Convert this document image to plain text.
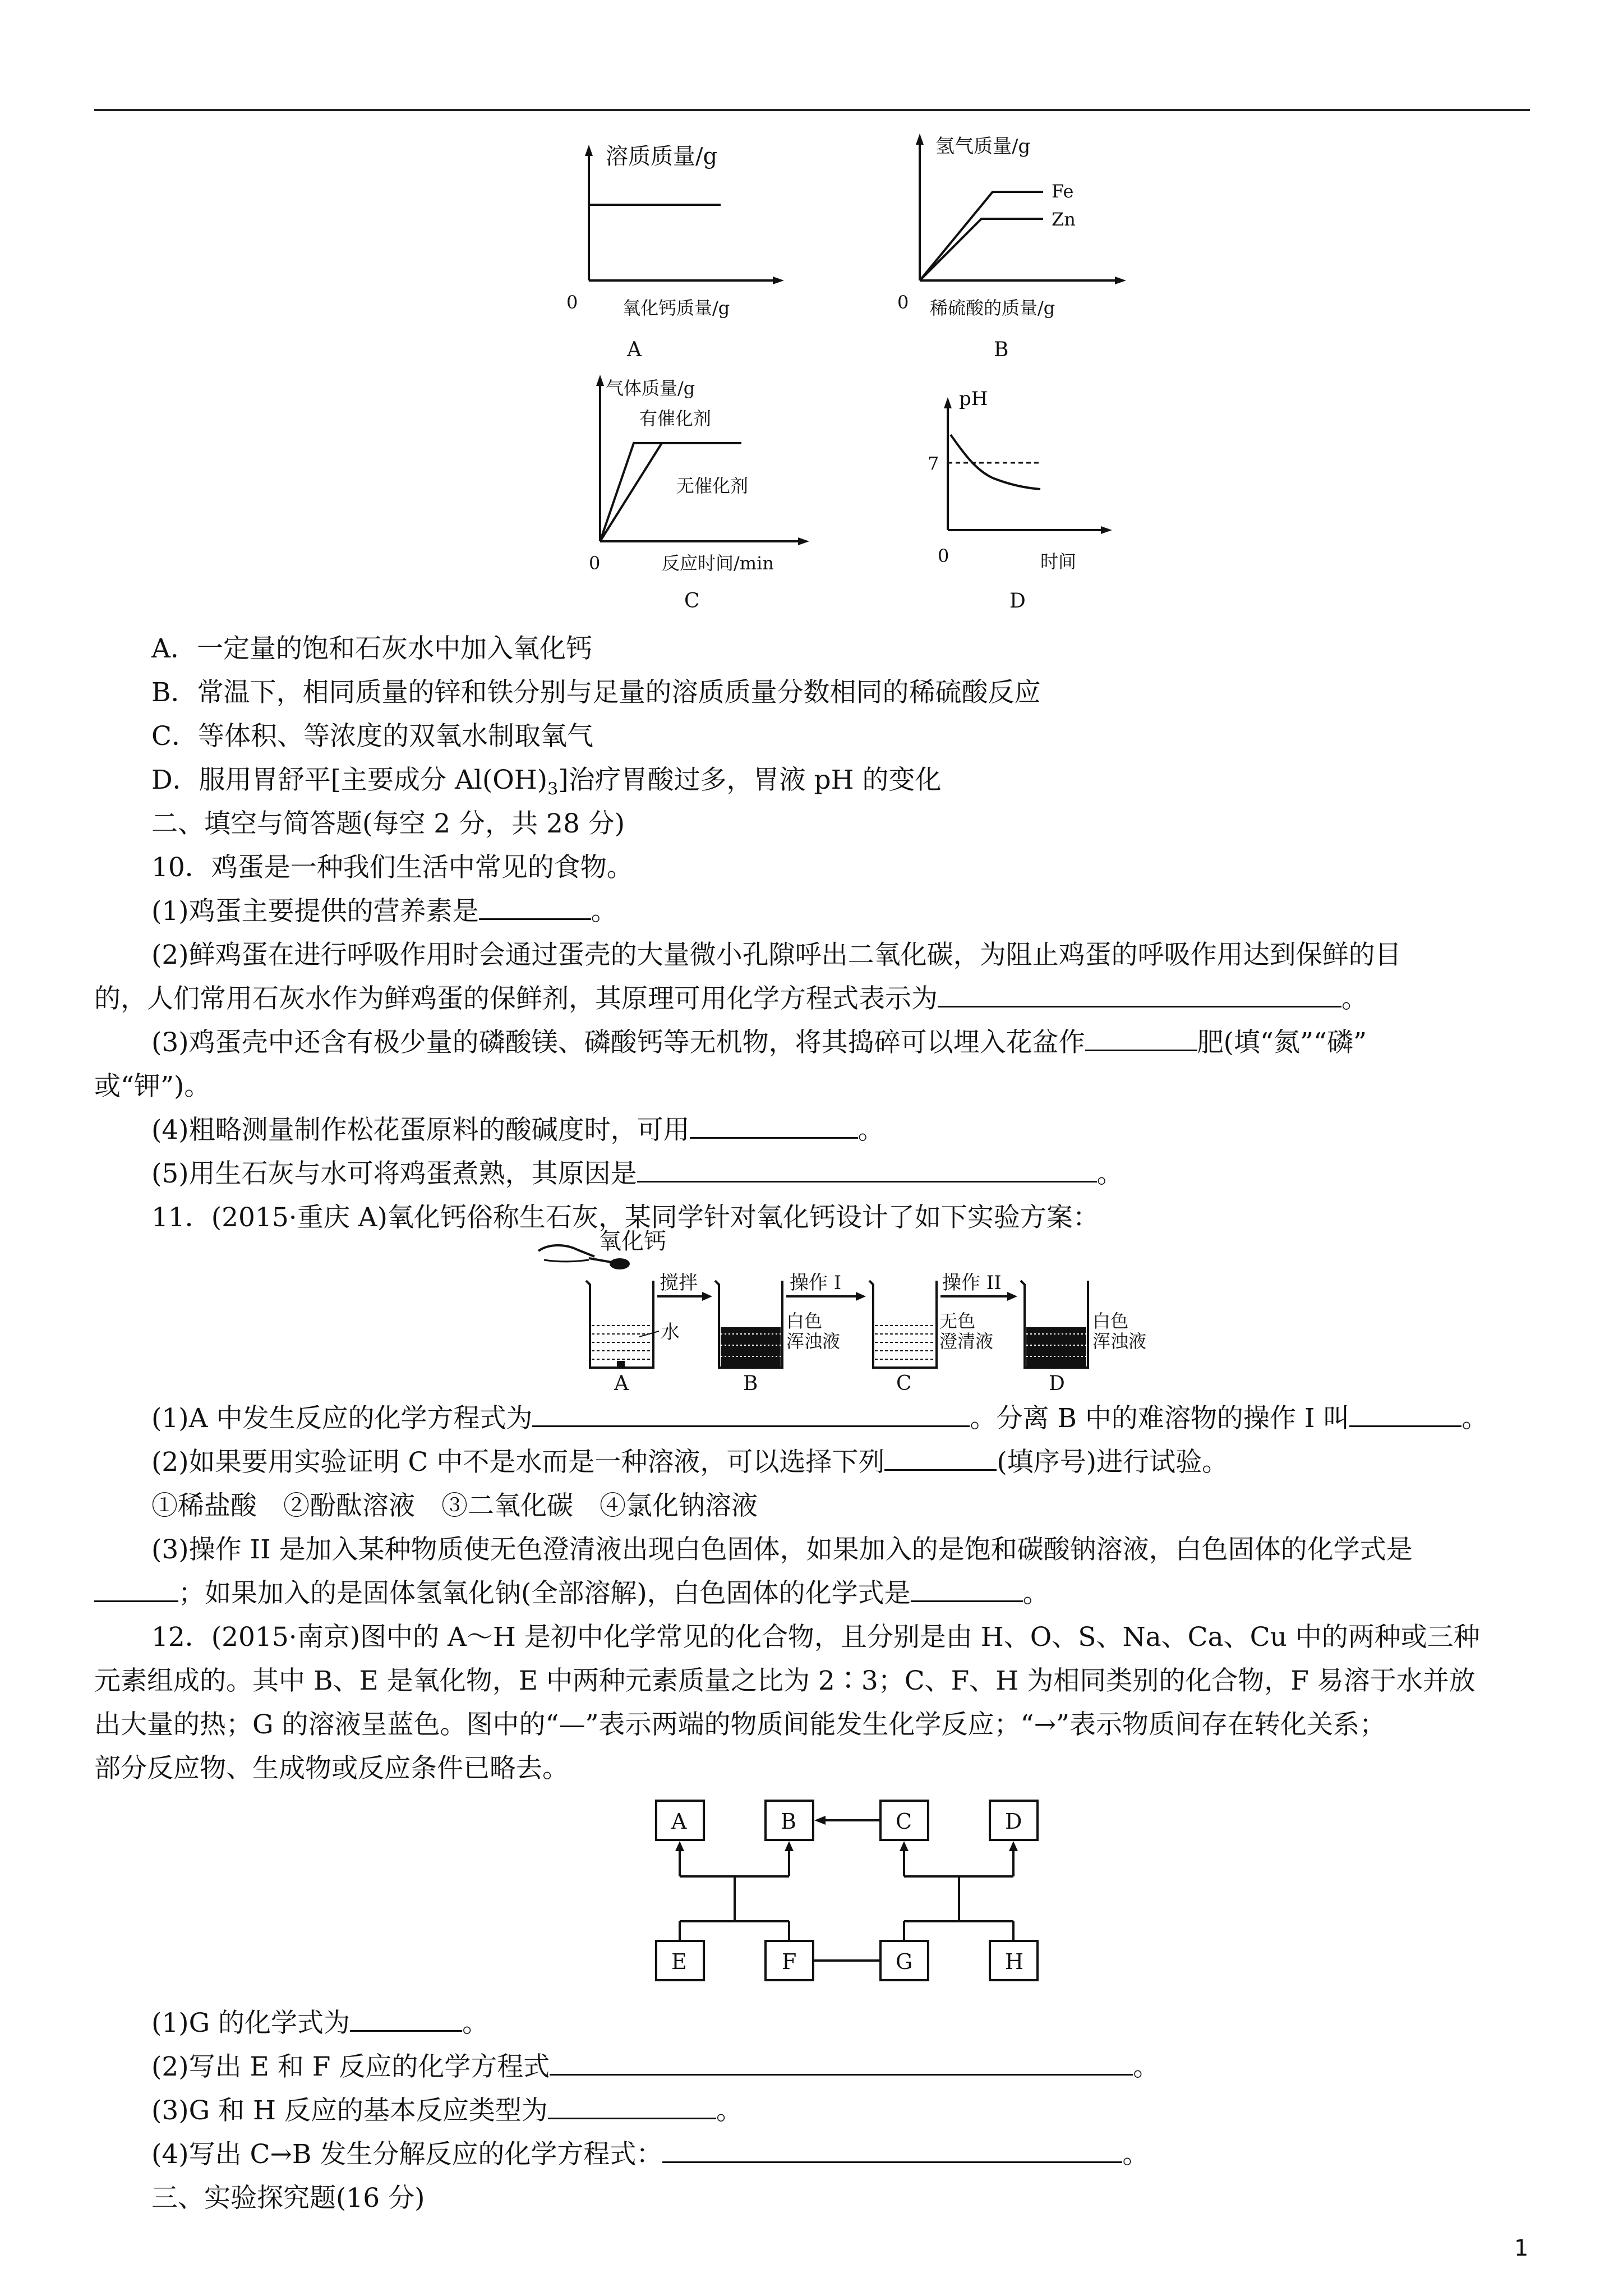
溶质质量/g
0 氧化钙质量/g
A
氢气质量/g
Fe
Zn
0 稀硫酸的质量/g
B
气体质量/g
有催化剂
无催化剂
0	反应时间/min
C
pH
7
0	时间
D
A．一定量的饱和石灰水中加入氧化钙
B．常温下，相同质量的锌和铁分别与足量的溶质质量分数相同的稀硫酸反应
C．等体积、等浓度的双氧水制取氧气
D．服用胃舒平[主要成分 $Al(OH)_3$]治疗胃酸过多，胃液 pH 的变化
二、填空与简答题(每空 2 分，共 28 分)
10．鸡蛋是一种我们生活中常见的食物。
(1)鸡蛋主要提供的营养素是	。
(2)鲜鸡蛋在进行呼吸作用时会通过蛋壳的大量微小孔隙呼出二氧化碳，为阻止鸡蛋的呼吸作用达到保鲜的目
的，人们常用石灰水作为鲜鸡蛋的保鲜剂，其原理可用化学方程式表示为	。
(3)鸡蛋壳中还含有极少量的磷酸镁、磷酸钙等无机物，将其捣碎可以埋入花盆作	肥(填“氮”“磷”
或“钾”)。
(4)粗略测量制作松花蛋原料的酸碱度时，可用	。
(5)用生石灰与水可将鸡蛋煮熟，其原因是	。
11．(2015·重庆 A)氧化钙俗称生石灰，某同学针对氧化钙设计了如下实验方案：
氧化钙
水
A
搅拌
B
白色
浑浊液
操作 I
C
无色
澄清液
操作 II
D
白色
浑浊液
(1)A 中发生反应的化学方程式为	。分离 B 中的难溶物的操作 I 叫	。
(2)如果要用实验证明 C 中不是水而是一种溶液，可以选择下列	(填序号)进行试验。
①稀盐酸　②酚酞溶液　③二氧化碳　④氯化钠溶液
(3)操作 II 是加入某种物质使无色澄清液出现白色固体，如果加入的是饱和碳酸钠溶液，白色固体的化学式是
；如果加入的是固体氢氧化钠(全部溶解)，白色固体的化学式是	。
12．(2015·南京)图中的 A～H 是初中化学常见的化合物，且分别是由 H、O、S、Na、Ca、Cu 中的两种或三种
元素组成的。其中 B、E 是氧化物，E 中两种元素质量之比为 2∶3；C、F、H 为相同类别的化合物，F 易溶于水并放
出大量的热；G 的溶液呈蓝色。图中的“—”表示两端的物质间能发生化学反应；“→”表示物质间存在转化关系；
部分反应物、生成物或反应条件已略去。
A	B	C	D
E	F	G	H
(1)G 的化学式为	。
(2)写出 E 和 F 反应的化学方程式	。
(3)G 和 H 反应的基本反应类型为	。
(4)写出 C→B 发生分解反应的化学方程式：	。
三、实验探究题(16 分)
1
